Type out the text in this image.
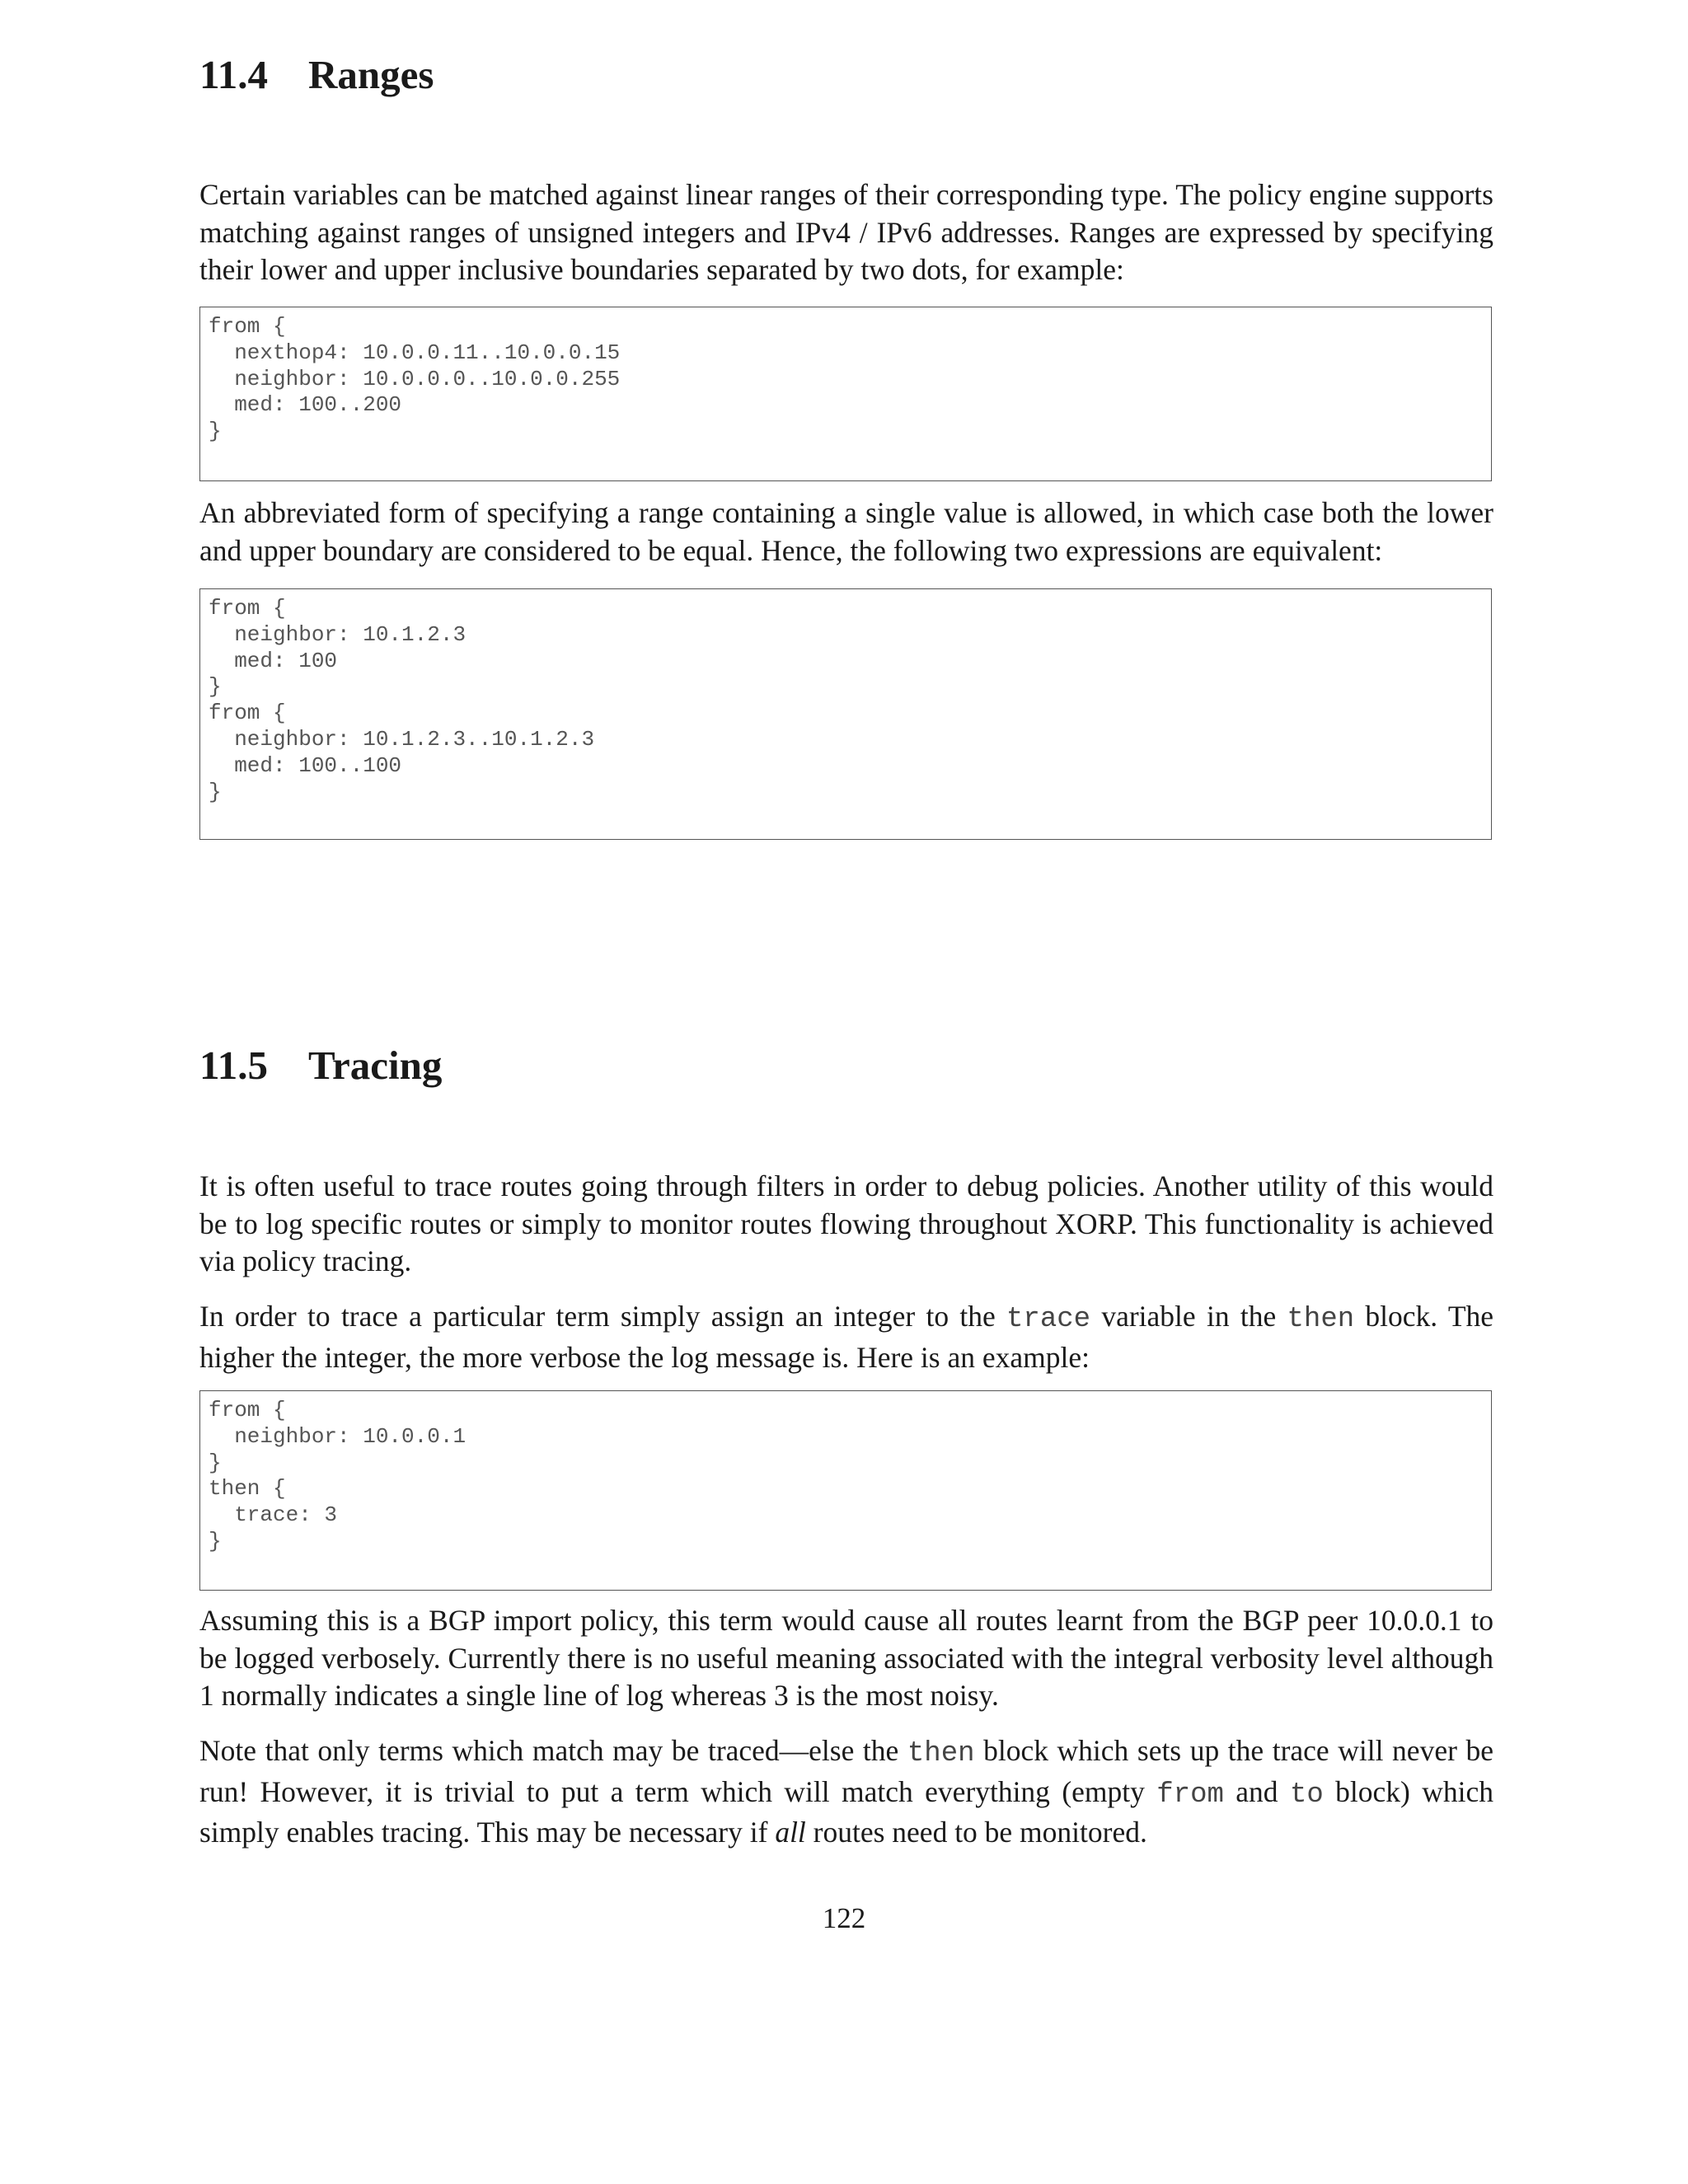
11.4 Ranges

Certain variables can be matched against linear ranges of their corresponding type. The policy engine supports matching against ranges of unsigned integers and IPv4 / IPv6 addresses. Ranges are expressed by specifying their lower and upper inclusive boundaries separated by two dots, for example:

from {
nexthop4: 10.0.0.11..10.0.0.15
neighbor: 10.0.0.0..10.0.0.255
med: 100..200
}

An abbreviated form of specifying a range containing a single value is allowed, in which case both the lower and upper boundary are considered to be equal. Hence, the following two expressions are equivalent:

from {
neighbor: 10.1.2.3
med: 100
}
from {
neighbor: 10.1.2.3..10.1.2.3
med: 100..100
}
11.5 Tracing

It is often useful to trace routes going through filters in order to debug policies. Another utility of this would be to log specific routes or simply to monitor routes flowing throughout XORP. This functionality is achieved via policy tracing.

In order to trace a particular term simply assign an integer to the trace variable in the then block. The higher the integer, the more verbose the log message is. Here is an example:

from {
neighbor: 10.0.0.1
}
then {
trace: 3
}

Assuming this is a BGP import policy, this term would cause all routes learnt from the BGP peer 10.0.0.1 to be logged verbosely. Currently there is no useful meaning associated with the integral verbosity level although 1 normally indicates a single line of log whereas 3 is the most noisy.

Note that only terms which match may be traced—else the then block which sets up the trace will never be run! However, it is trivial to put a term which will match everything (empty from and to block) which simply enables tracing. This may be necessary if all routes need to be monitored.

122
